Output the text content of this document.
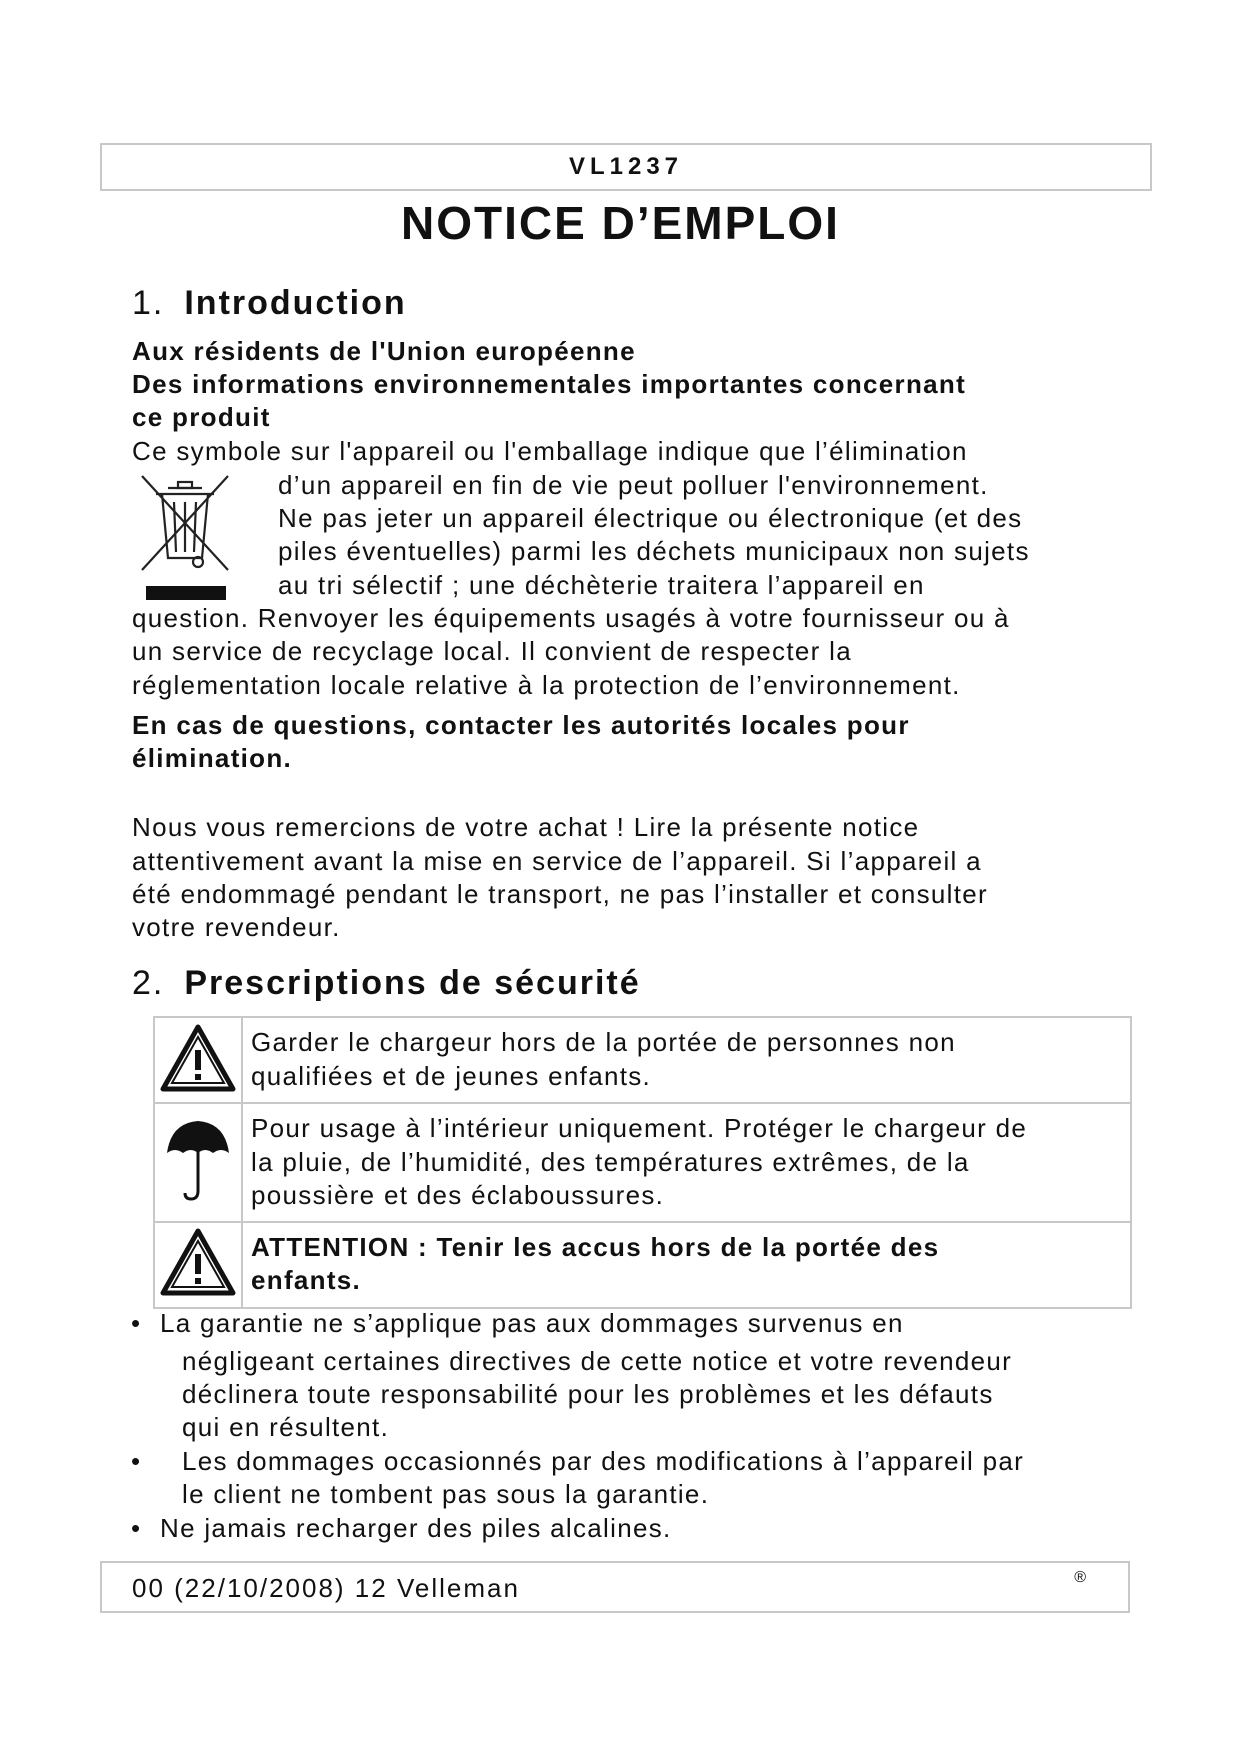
VL1237
NOTICE D’EMPLOI
1. Introduction
Aux résidents de l'Union européenne
Des informations environnementales importantes concernant
ce produit
Ce symbole sur l'appareil ou l'emballage indique que l’élimination
d’un appareil en fin de vie peut polluer l'environnement.
Ne pas jeter un appareil électrique ou électronique (et des
piles éventuelles) parmi les déchets municipaux non sujets
au tri sélectif ; une déchèterie traitera l’appareil en
question. Renvoyer les équipements usagés à votre fournisseur ou à
un service de recyclage local. Il convient de respecter la
réglementation locale relative à la protection de l’environnement.
En cas de questions, contacter les autorités locales pour
élimination.
Nous vous remercions de votre achat ! Lire la présente notice
attentivement avant la mise en service de l’appareil. Si l’appareil a
été endommagé pendant le transport, ne pas l’installer et consulter
votre revendeur.
2. Prescriptions de sécurité

Garder le chargeur hors de la portée de personnes non
qualifiées et de jeunes enfants.

Pour usage à l’intérieur uniquement. Protéger le chargeur de
la pluie, de l’humidité, des températures extrêmes, de la
poussière et des éclaboussures.

ATTENTION : Tenir les accus hors de la portée des
enfants.
• La garantie ne s’applique pas aux dommages survenus en
négligeant certaines directives de cette notice et votre revendeur
déclinera toute responsabilité pour les problèmes et les défauts
qui en résultent.
• Les dommages occasionnés par des modifications à l’appareil par
le client ne tombent pas sous la garantie.
• Ne jamais recharger des piles alcalines.
00 (22/10/2008) 12 Velleman	®
